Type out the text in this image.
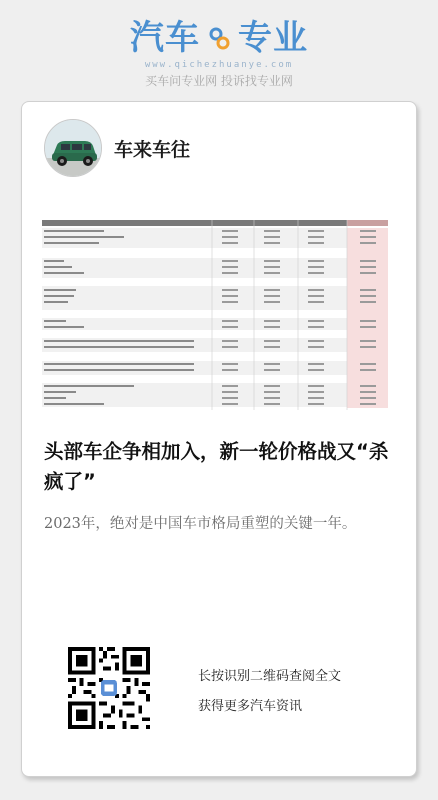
汽车 专业
www.qichezhuanye.com
买车问专业网 投诉找专业网
车来车往
头部车企争相加入，新一轮价格战又“杀疯了”
2023年，绝对是中国车市格局重塑的关键一年。
长按识别二维码查阅全文
获得更多汽车资讯
